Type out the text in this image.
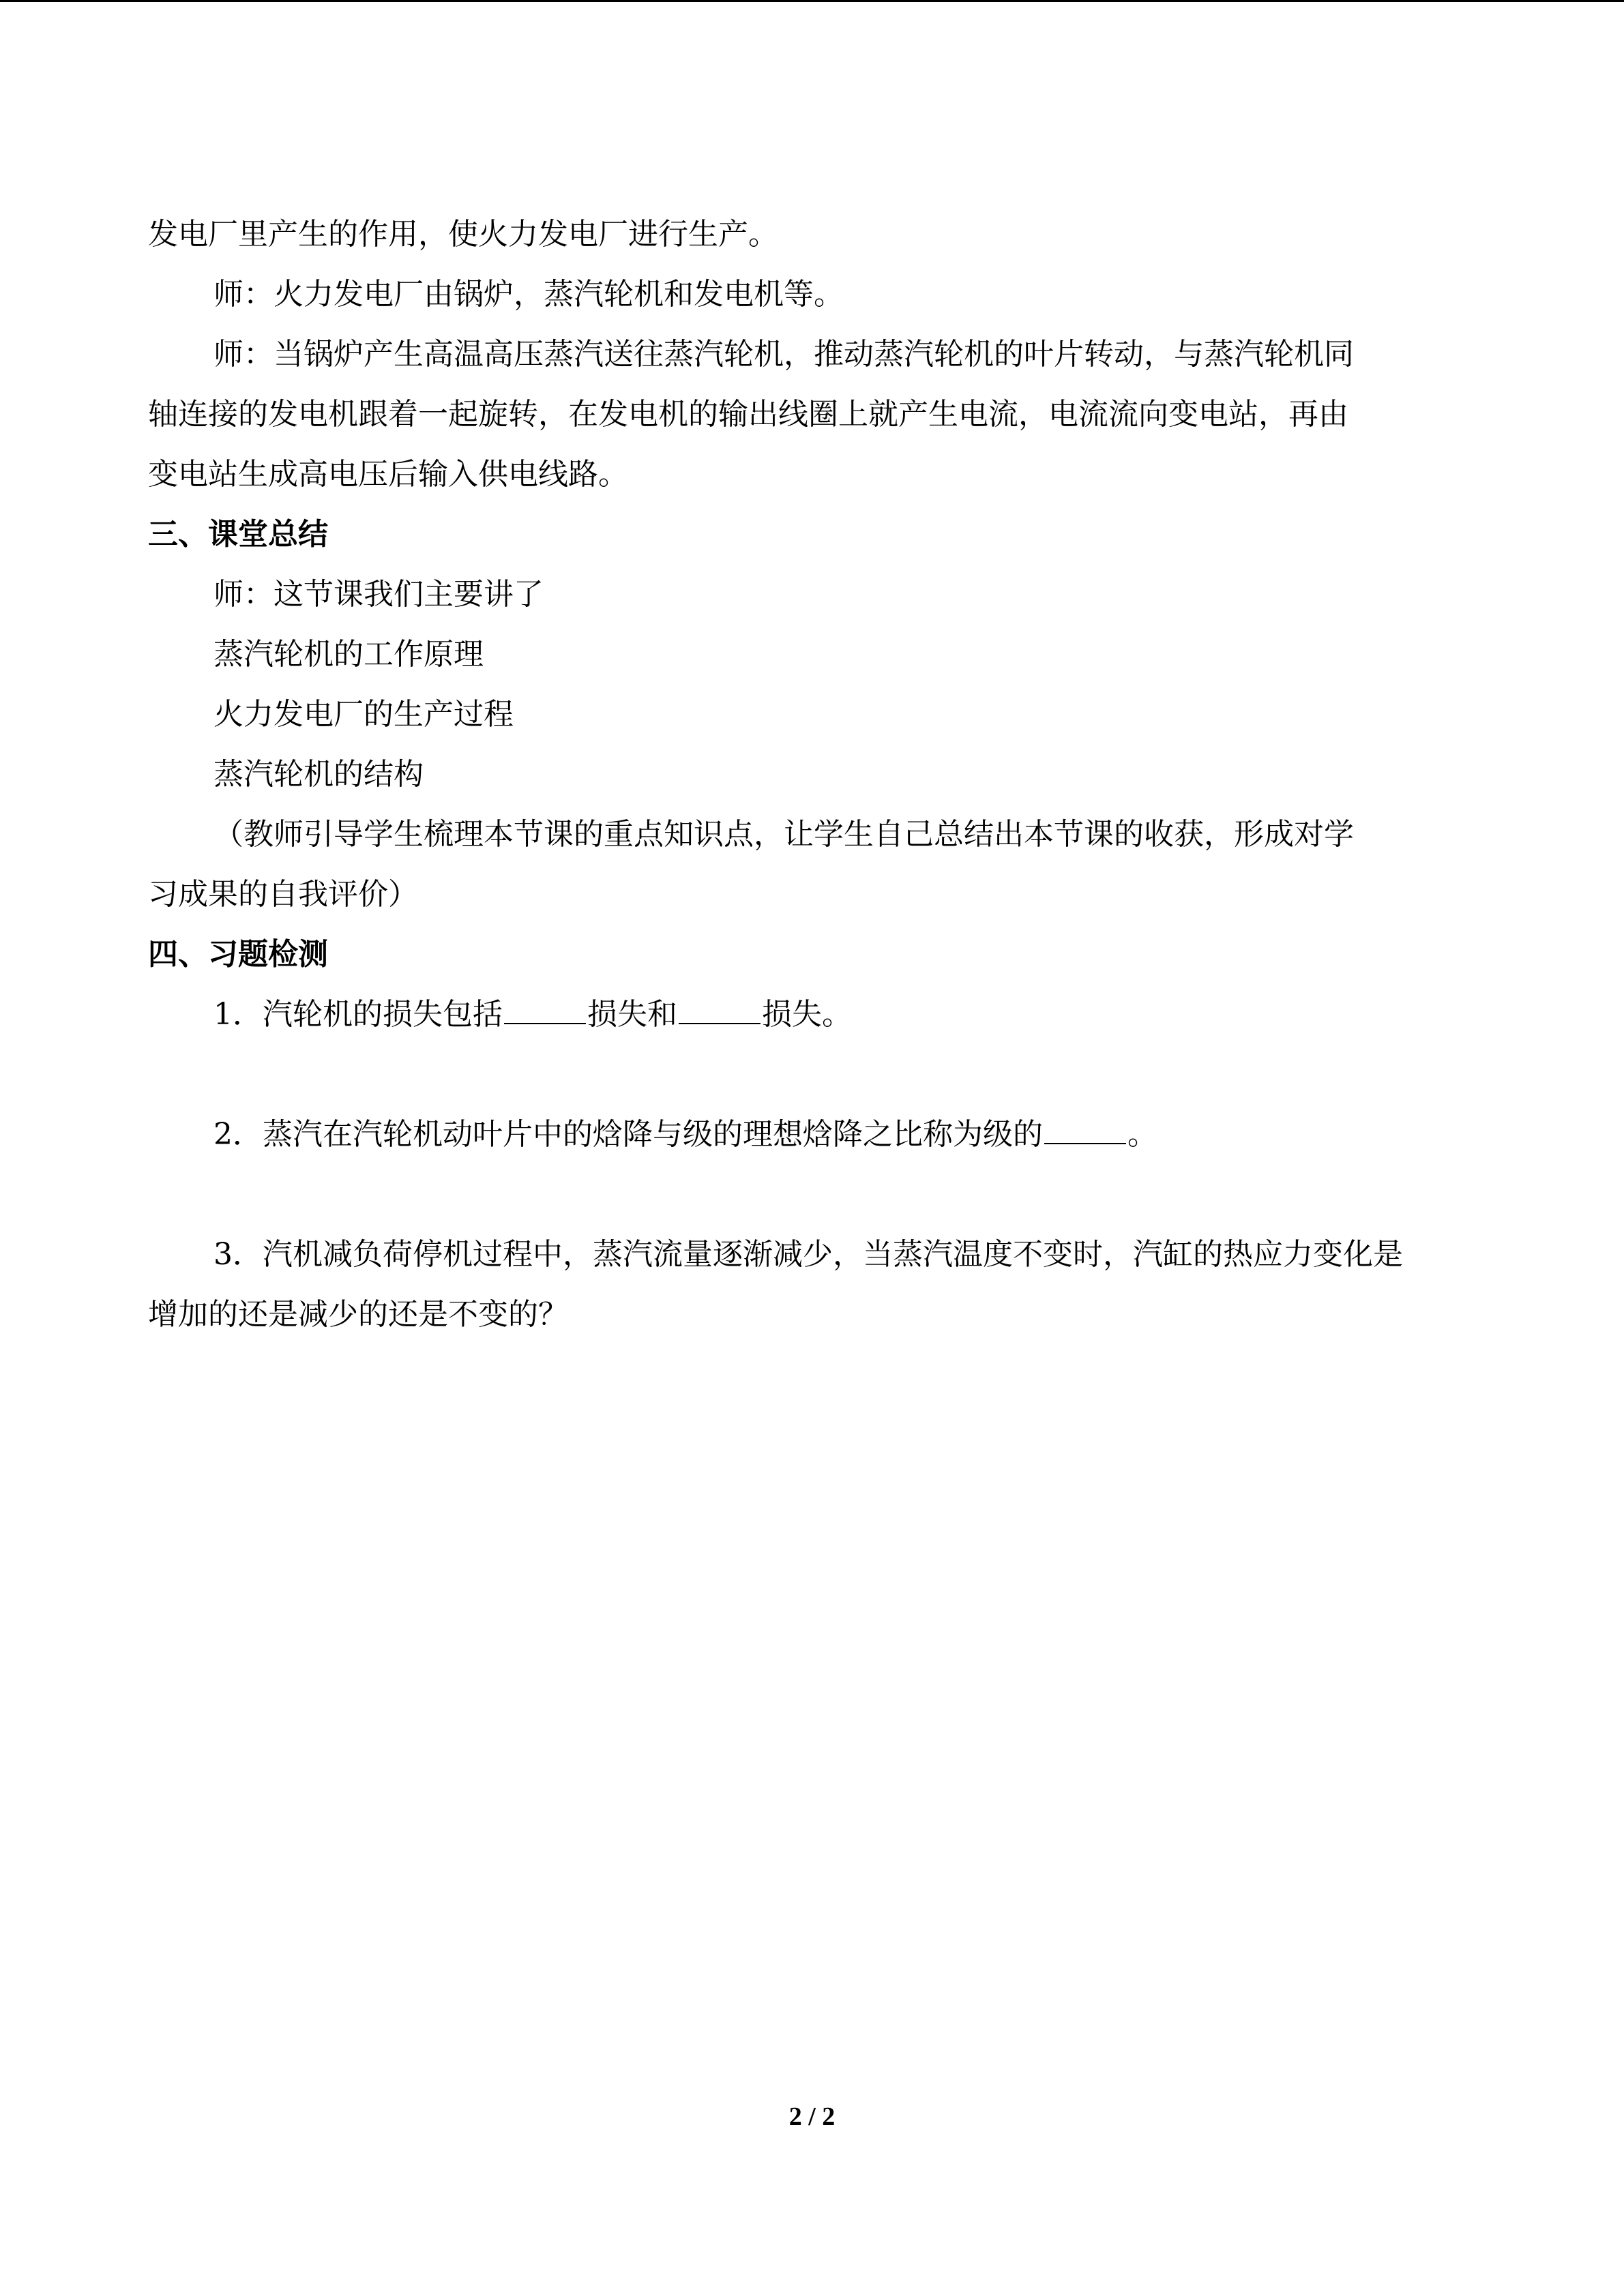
发电厂里产生的作用，使火力发电厂进行生产。
师：火力发电厂由锅炉，蒸汽轮机和发电机等。
师：当锅炉产生高温高压蒸汽送往蒸汽轮机，推动蒸汽轮机的叶片转动，与蒸汽轮机同
轴连接的发电机跟着一起旋转，在发电机的输出线圈上就产生电流，电流流向变电站，再由
变电站生成高电压后输入供电线路。
三、课堂总结
师：这节课我们主要讲了
蒸汽轮机的工作原理
火力发电厂的生产过程
蒸汽轮机的结构
（教师引导学生梳理本节课的重点知识点，让学生自己总结出本节课的收获，形成对学
习成果的自我评价）
四、习题检测
1．汽轮机的损失包括	损失和	损失。
2．蒸汽在汽轮机动叶片中的焓降与级的理想焓降之比称为级的	。
3．汽机减负荷停机过程中，蒸汽流量逐渐减少，当蒸汽温度不变时，汽缸的热应力变化是
增加的还是减少的还是不变的？
2 / 2
